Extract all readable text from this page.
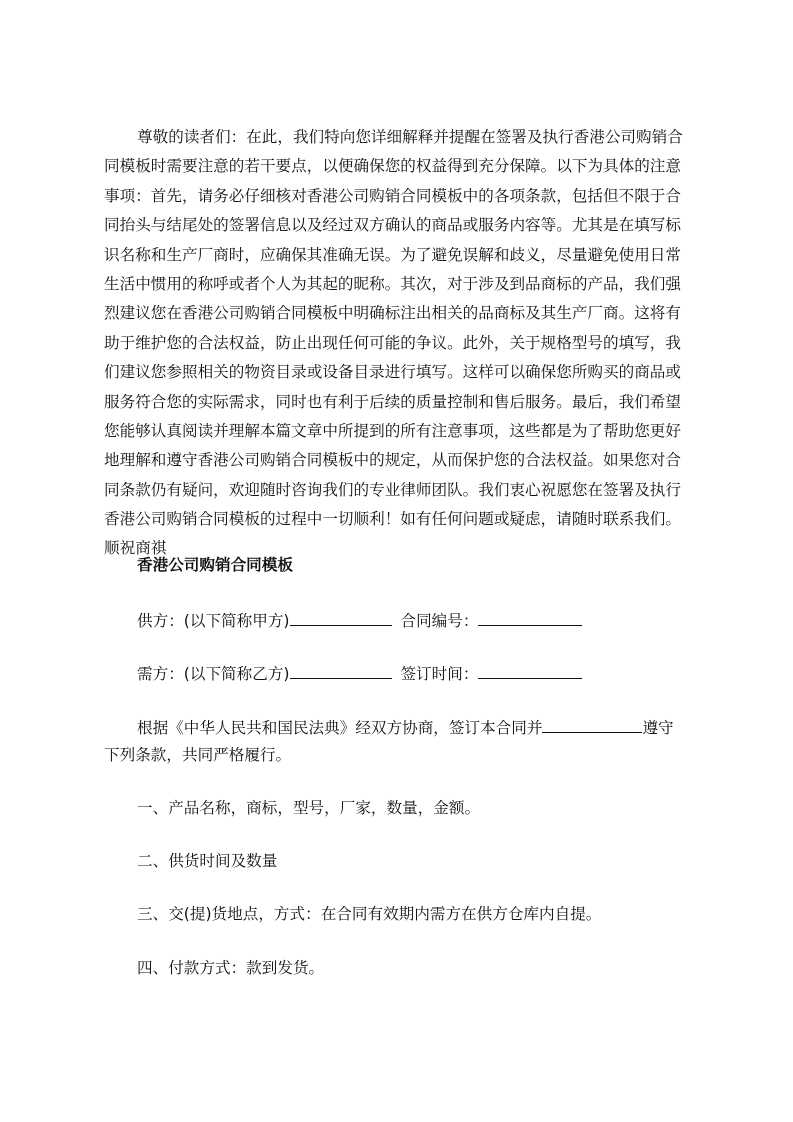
尊敬的读者们：在此，我们特向您详细解释并提醒在签署及执行香港公司购销合
同模板时需要注意的若干要点，以便确保您的权益得到充分保障。以下为具体的注意
事项：首先，请务必仔细核对香港公司购销合同模板中的各项条款，包括但不限于合
同抬头与结尾处的签署信息以及经过双方确认的商品或服务内容等。尤其是在填写标
识名称和生产厂商时，应确保其准确无误。为了避免误解和歧义，尽量避免使用日常
生活中惯用的称呼或者个人为其起的昵称。其次，对于涉及到品商标的产品，我们强
烈建议您在香港公司购销合同模板中明确标注出相关的品商标及其生产厂商。这将有
助于维护您的合法权益，防止出现任何可能的争议。此外，关于规格型号的填写，我
们建议您参照相关的物资目录或设备目录进行填写。这样可以确保您所购买的商品或
服务符合您的实际需求，同时也有利于后续的质量控制和售后服务。最后，我们希望
您能够认真阅读并理解本篇文章中所提到的所有注意事项，这些都是为了帮助您更好
地理解和遵守香港公司购销合同模板中的规定，从而保护您的合法权益。如果您对合
同条款仍有疑问，欢迎随时咨询我们的专业律师团队。我们衷心祝愿您在签署及执行
香港公司购销合同模板的过程中一切顺利！如有任何问题或疑虑，请随时联系我们。
顺祝商祺
香港公司购销合同模板
供方：(以下简称甲方)	合同编号：
需方：(以下简称乙方)	签订时间：
根据《中华人民共和国民法典》经双方协商，签订本合同并	遵守
下列条款，共同严格履行。
一、产品名称，商标，型号，厂家，数量，金额。
二、供货时间及数量
三、交(提)货地点，方式：在合同有效期内需方在供方仓库内自提。
四、付款方式：款到发货。
